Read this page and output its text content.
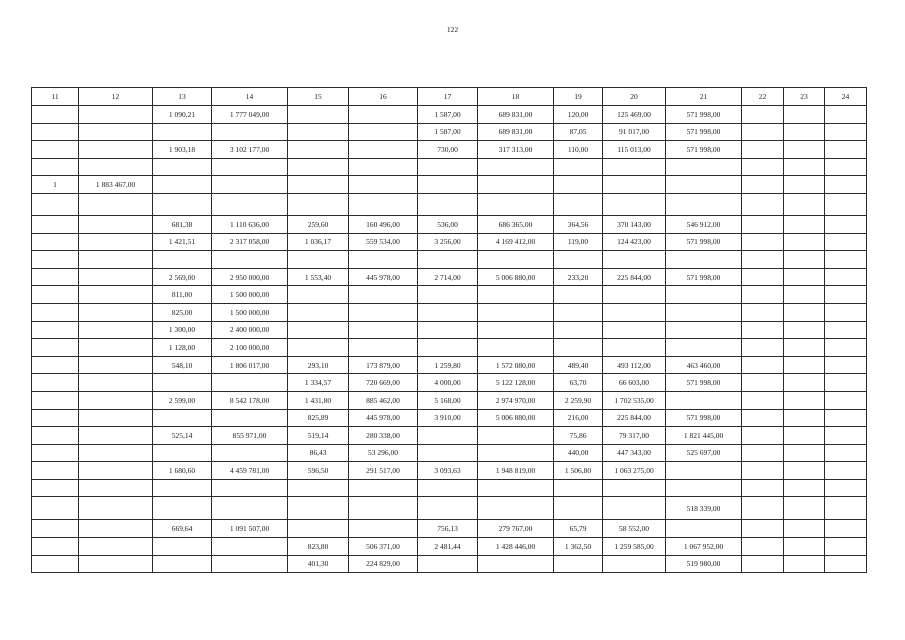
122
11	12	13	14	15	16	17	18	19	20	21	22	23	24
		1 090,21	1 777 049,00			1 587,00	689 831,00	120,00	125 469,00	571 998,00			
						1 587,00	689 831,00	87,05	91 017,00	571 998,00			
		1 903,18	3 102 177,00			730,00	317 313,00	110,00	115 013,00	571 998,00			

1	1 883 467,00												

		681,38	1 110 636,00	259,60	160 496,00	536,00	686 365,00	364,56	370 143,00	546 912,00			
		1 421,51	2 317 058,00	1 036,17	559 534,00	3 256,00	4 169 412,00	119,00	124 423,00	571 998,00			

		2 569,00	2 950 000,00	1 553,40	445 978,00	2 714,00	5 006 880,00	233,20	225 844,00	571 998,00			
		811,00	1 500 000,00										
		825,00	1 500 000,00										
		1 300,00	2 400 000,00										
		1 128,00	2 100 000,00										
		548,10	1 806 017,00	293,10	173 879,00	1 259,80	1 572 080,00	489,40	493 112,00	463 460,00			
				1 334,57	720 669,00	4 000,00	5 122 128,00	63,70	66 603,00	571 998,00			
		2 599,00	8 542 178,00	1 431,80	885 462,00	5 168,00	2 974 970,00	2 259,90	1 702 535,00				
				825,89	445 978,00	3 910,00	5 006 880,00	216,00	225 844,00	571 998,00			
		525,14	855 971,00	519,14	280 338,00			75,86	79 317,00	1 821 445,00			
				86,43	53 296,00			440,00	447 343,00	525 697,00			
		1 680,60	4 459 781,00	596,50	291 517,00	3 093,63	1 948 819,00	1 506,80	1 063 275,00				

										518 339,00			
		669,64	1 091 507,00			756,13	279 767,00	65,79	58 552,00				
				823,80	506 371,00	2 481,44	1 428 446,00	1 362,50	1 259 585,00	1 067 952,00			
				401,30	224 829,00					519 980,00			
